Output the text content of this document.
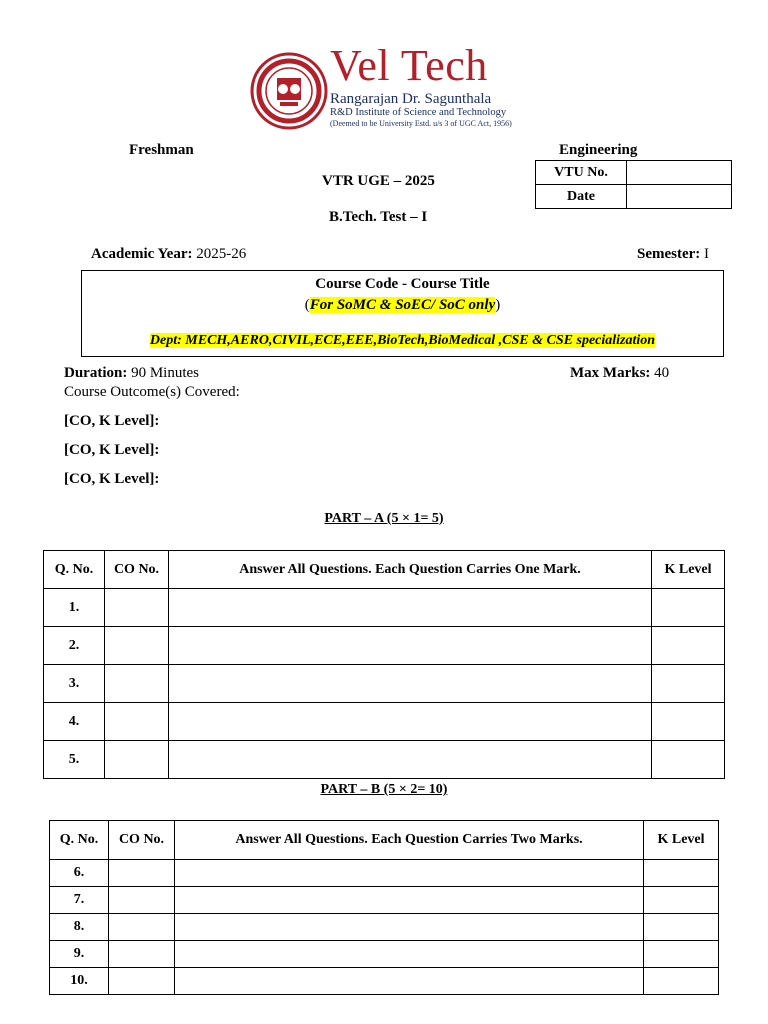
Vel Tech
Rangarajan Dr. Sagunthala
R&D Institute of Science and Technology
(Deemed to be University Estd. u/s 3 of UGC Act, 1956)
Freshman	Engineering
VTR UGE – 2025
B.Tech. Test – I
VTU No.	
Date	
Academic Year: 2025-26	Semester: I
Course Code - Course Title
(For SoMC & SoEC/ SoC only)
Dept: MECH,AERO,CIVIL,ECE,EEE,BioTech,BioMedical ,CSE & CSE specialization
Duration: 90 Minutes	Max Marks: 40
Course Outcome(s) Covered:
[CO, K Level]:
[CO, K Level]:
[CO, K Level]:
PART – A (5 × 1= 5)
Q. No.	CO No.	Answer All Questions. Each Question Carries One Mark.	K Level
1.			
2.			
3.			
4.			
5.			
PART – B (5 × 2= 10)
Q. No.	CO No.	Answer All Questions. Each Question Carries Two Marks.	K Level
6.			
7.			
8.			
9.			
10.			
